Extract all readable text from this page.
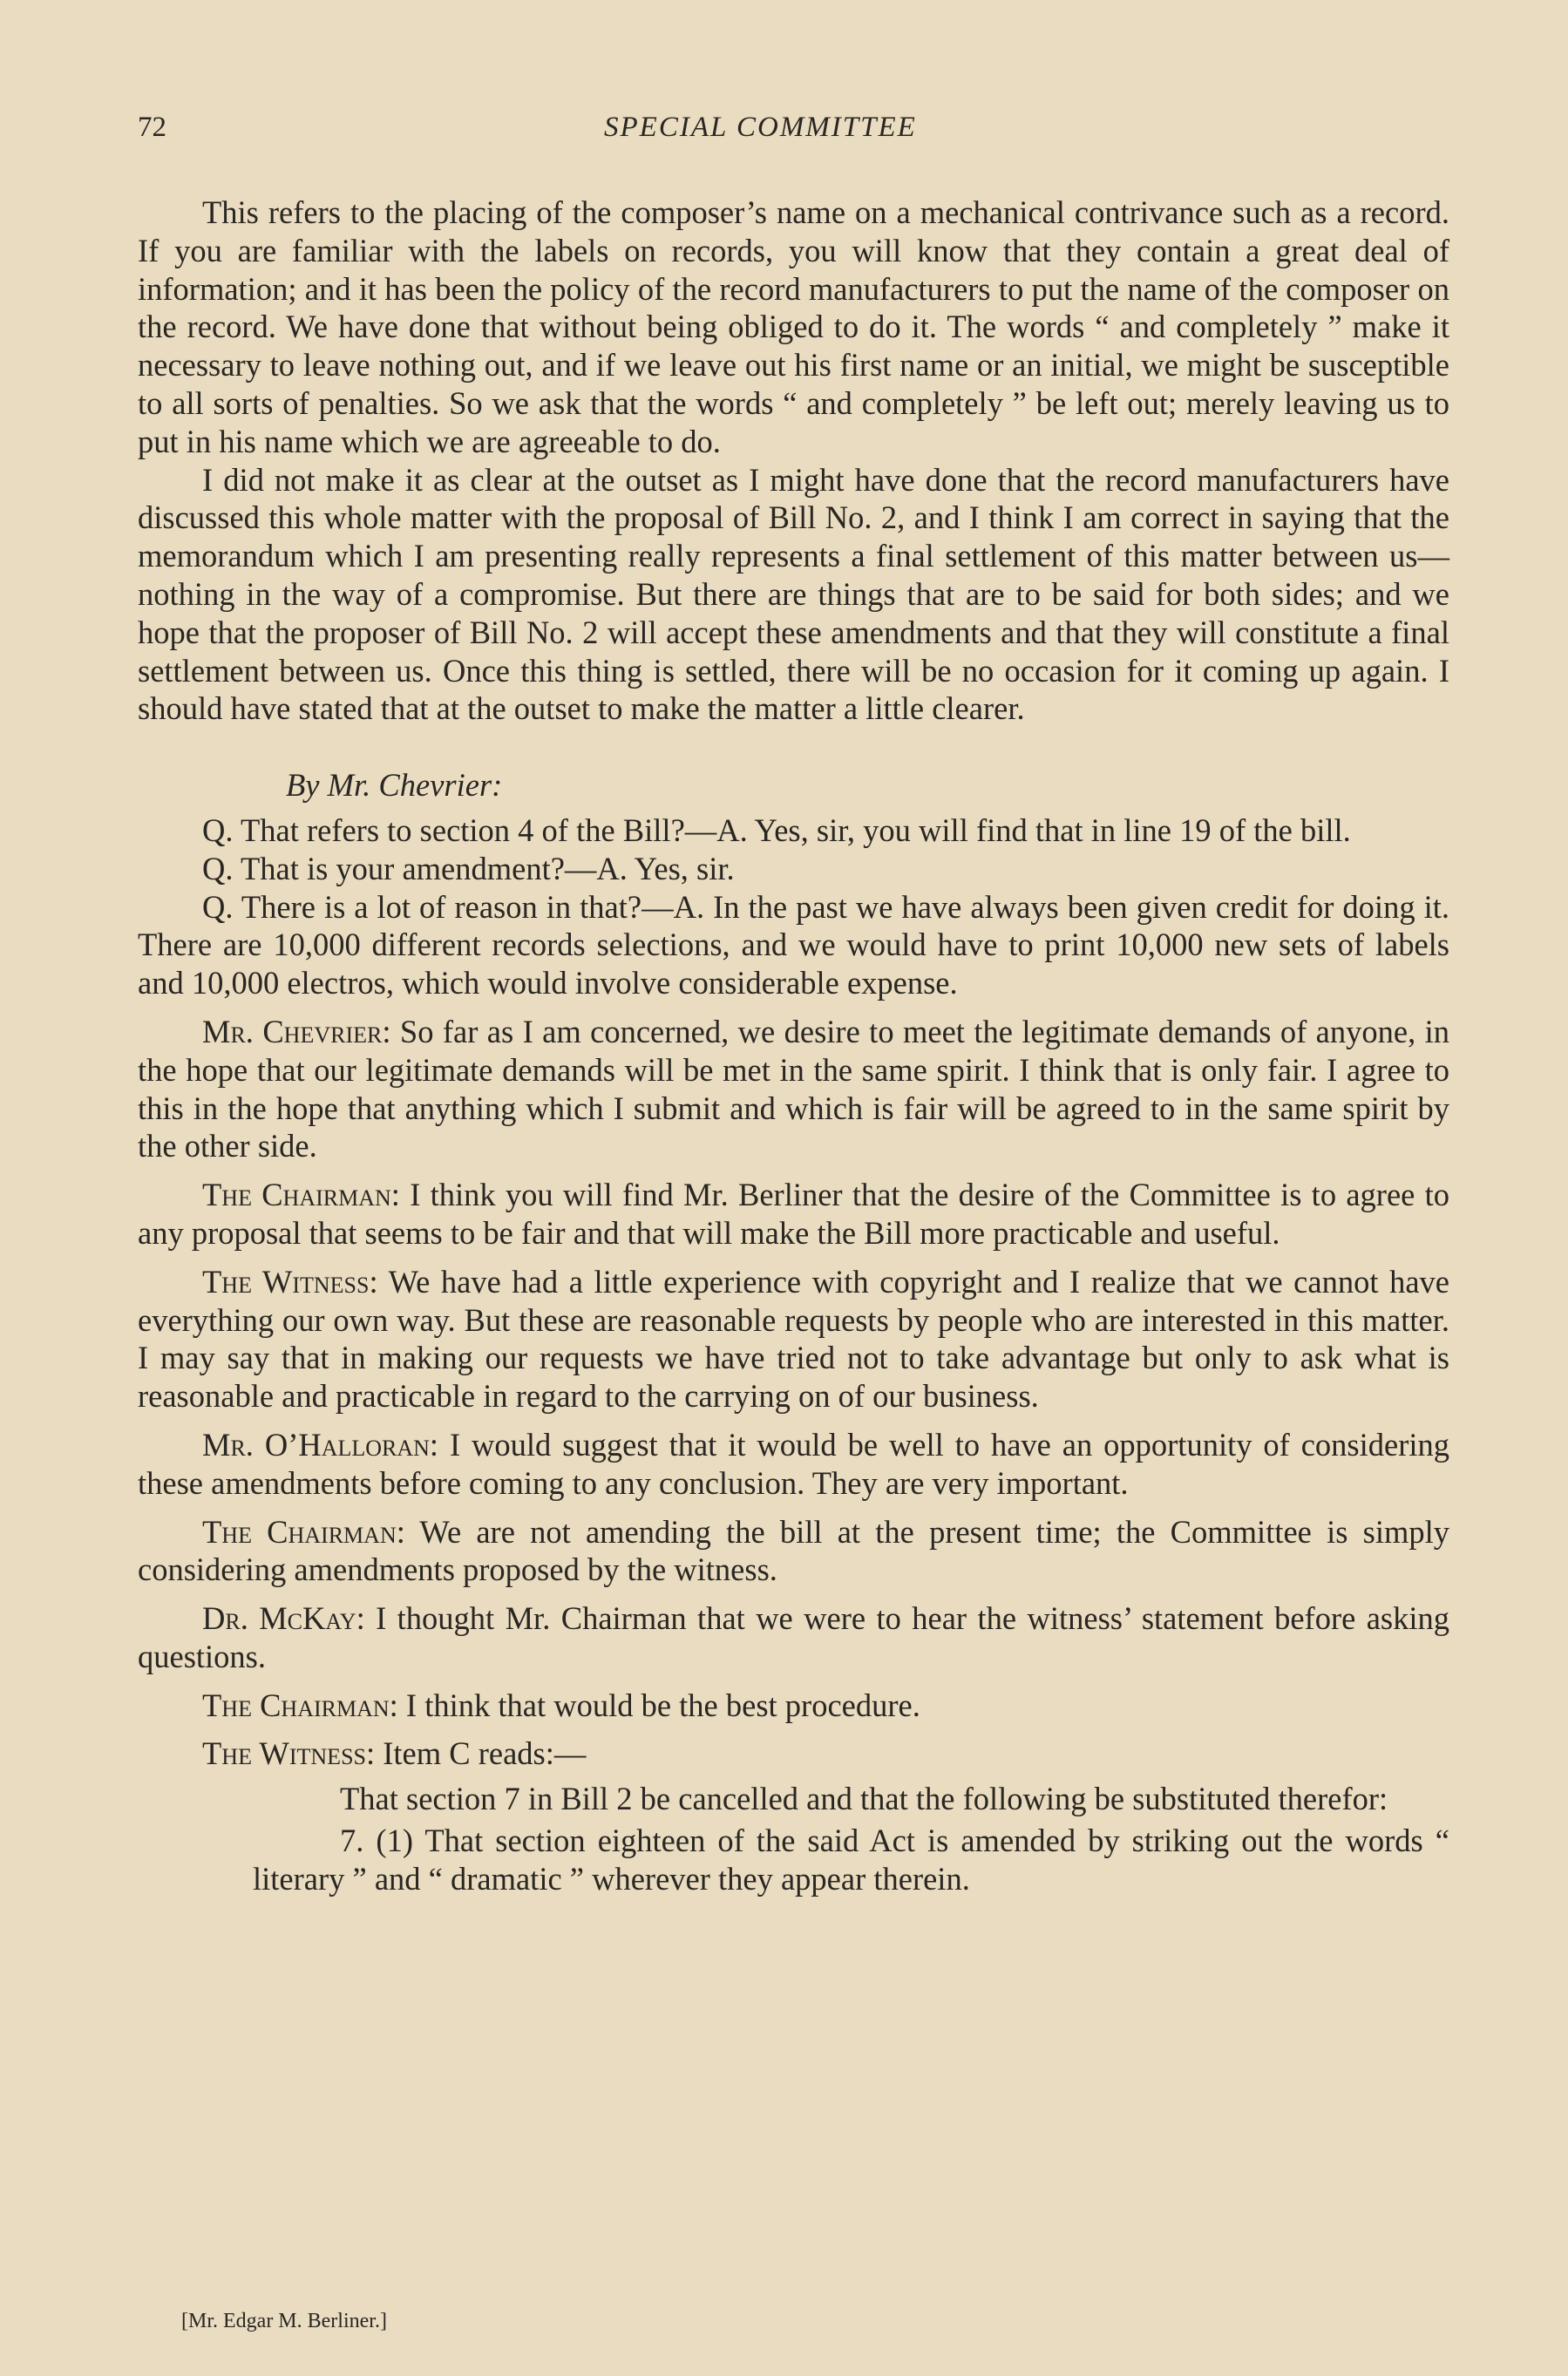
72	SPECIAL COMMITTEE

This refers to the placing of the composer’s name on a mechanical contrivance such as a record. If you are familiar with the labels on records, you will know that they contain a great deal of information; and it has been the policy of the record manufacturers to put the name of the composer on the record. We have done that without being obliged to do it. The words “ and completely ” make it necessary to leave nothing out, and if we leave out his first name or an initial, we might be susceptible to all sorts of penalties. So we ask that the words “ and completely ” be left out; merely leaving us to put in his name which we are agreeable to do.

I did not make it as clear at the outset as I might have done that the record manufacturers have discussed this whole matter with the proposal of Bill No. 2, and I think I am correct in saying that the memorandum which I am presenting really represents a final settlement of this matter between us—nothing in the way of a compromise. But there are things that are to be said for both sides; and we hope that the proposer of Bill No. 2 will accept these amendments and that they will constitute a final settlement between us. Once this thing is settled, there will be no occasion for it coming up again. I should have stated that at the outset to make the matter a little clearer.

By Mr. Chevrier:

Q. That refers to section 4 of the Bill?—A. Yes, sir, you will find that in line 19 of the bill.

Q. That is your amendment?—A. Yes, sir.

Q. There is a lot of reason in that?—A. In the past we have always been given credit for doing it. There are 10,000 different records selections, and we would have to print 10,000 new sets of labels and 10,000 electros, which would involve considerable expense.

Mr. Chevrier: So far as I am concerned, we desire to meet the legitimate demands of anyone, in the hope that our legitimate demands will be met in the same spirit. I think that is only fair. I agree to this in the hope that anything which I submit and which is fair will be agreed to in the same spirit by the other side.

The Chairman: I think you will find Mr. Berliner that the desire of the Committee is to agree to any proposal that seems to be fair and that will make the Bill more practicable and useful.

The Witness: We have had a little experience with copyright and I realize that we cannot have everything our own way. But these are reasonable requests by people who are interested in this matter. I may say that in making our requests we have tried not to take advantage but only to ask what is reasonable and practicable in regard to the carrying on of our business.

Mr. O’Halloran: I would suggest that it would be well to have an opportunity of considering these amendments before coming to any conclusion. They are very important.

The Chairman: We are not amending the bill at the present time; the Committee is simply considering amendments proposed by the witness.

Dr. McKay: I thought Mr. Chairman that we were to hear the witness’ statement before asking questions.

The Chairman: I think that would be the best procedure.

The Witness: Item C reads:—

That section 7 in Bill 2 be cancelled and that the following be substituted therefor:

7. (1) That section eighteen of the said Act is amended by striking out the words “ literary ” and “ dramatic ” wherever they appear therein.

[Mr. Edgar M. Berliner.]
